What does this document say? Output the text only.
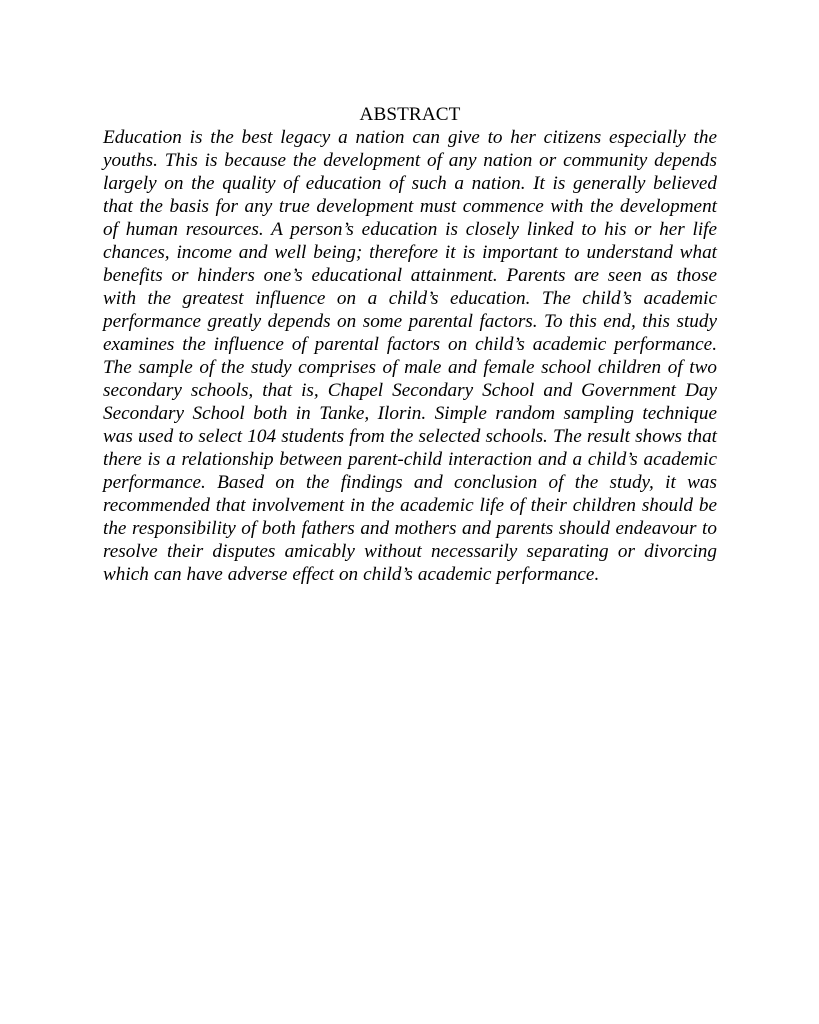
ABSTRACT

Education is the best legacy a nation can give to her citizens especially the youths. This is because the development of any nation or community depends largely on the quality of education of such a nation. It is generally believed that the basis for any true development must commence with the development of human resources. A person’s education is closely linked to his or her life chances, income and well being; therefore it is important to understand what benefits or hinders one’s educational attainment. Parents are seen as those with the greatest influence on a child’s education. The child’s academic performance greatly depends on some parental factors. To this end, this study examines the influence of parental factors on child’s academic performance. The sample of the study comprises of male and female school children of two secondary schools, that is, Chapel Secondary School and Government Day Secondary School both in Tanke, Ilorin. Simple random sampling technique was used to select 104 students from the selected schools. The result shows that there is a relationship between parent-child interaction and a child’s academic performance. Based on the findings and conclusion of the study, it was recommended that involvement in the academic life of their children should be the responsibility of both fathers and mothers and parents should endeavour to resolve their disputes amicably without necessarily separating or divorcing which can have adverse effect on child’s academic performance.
